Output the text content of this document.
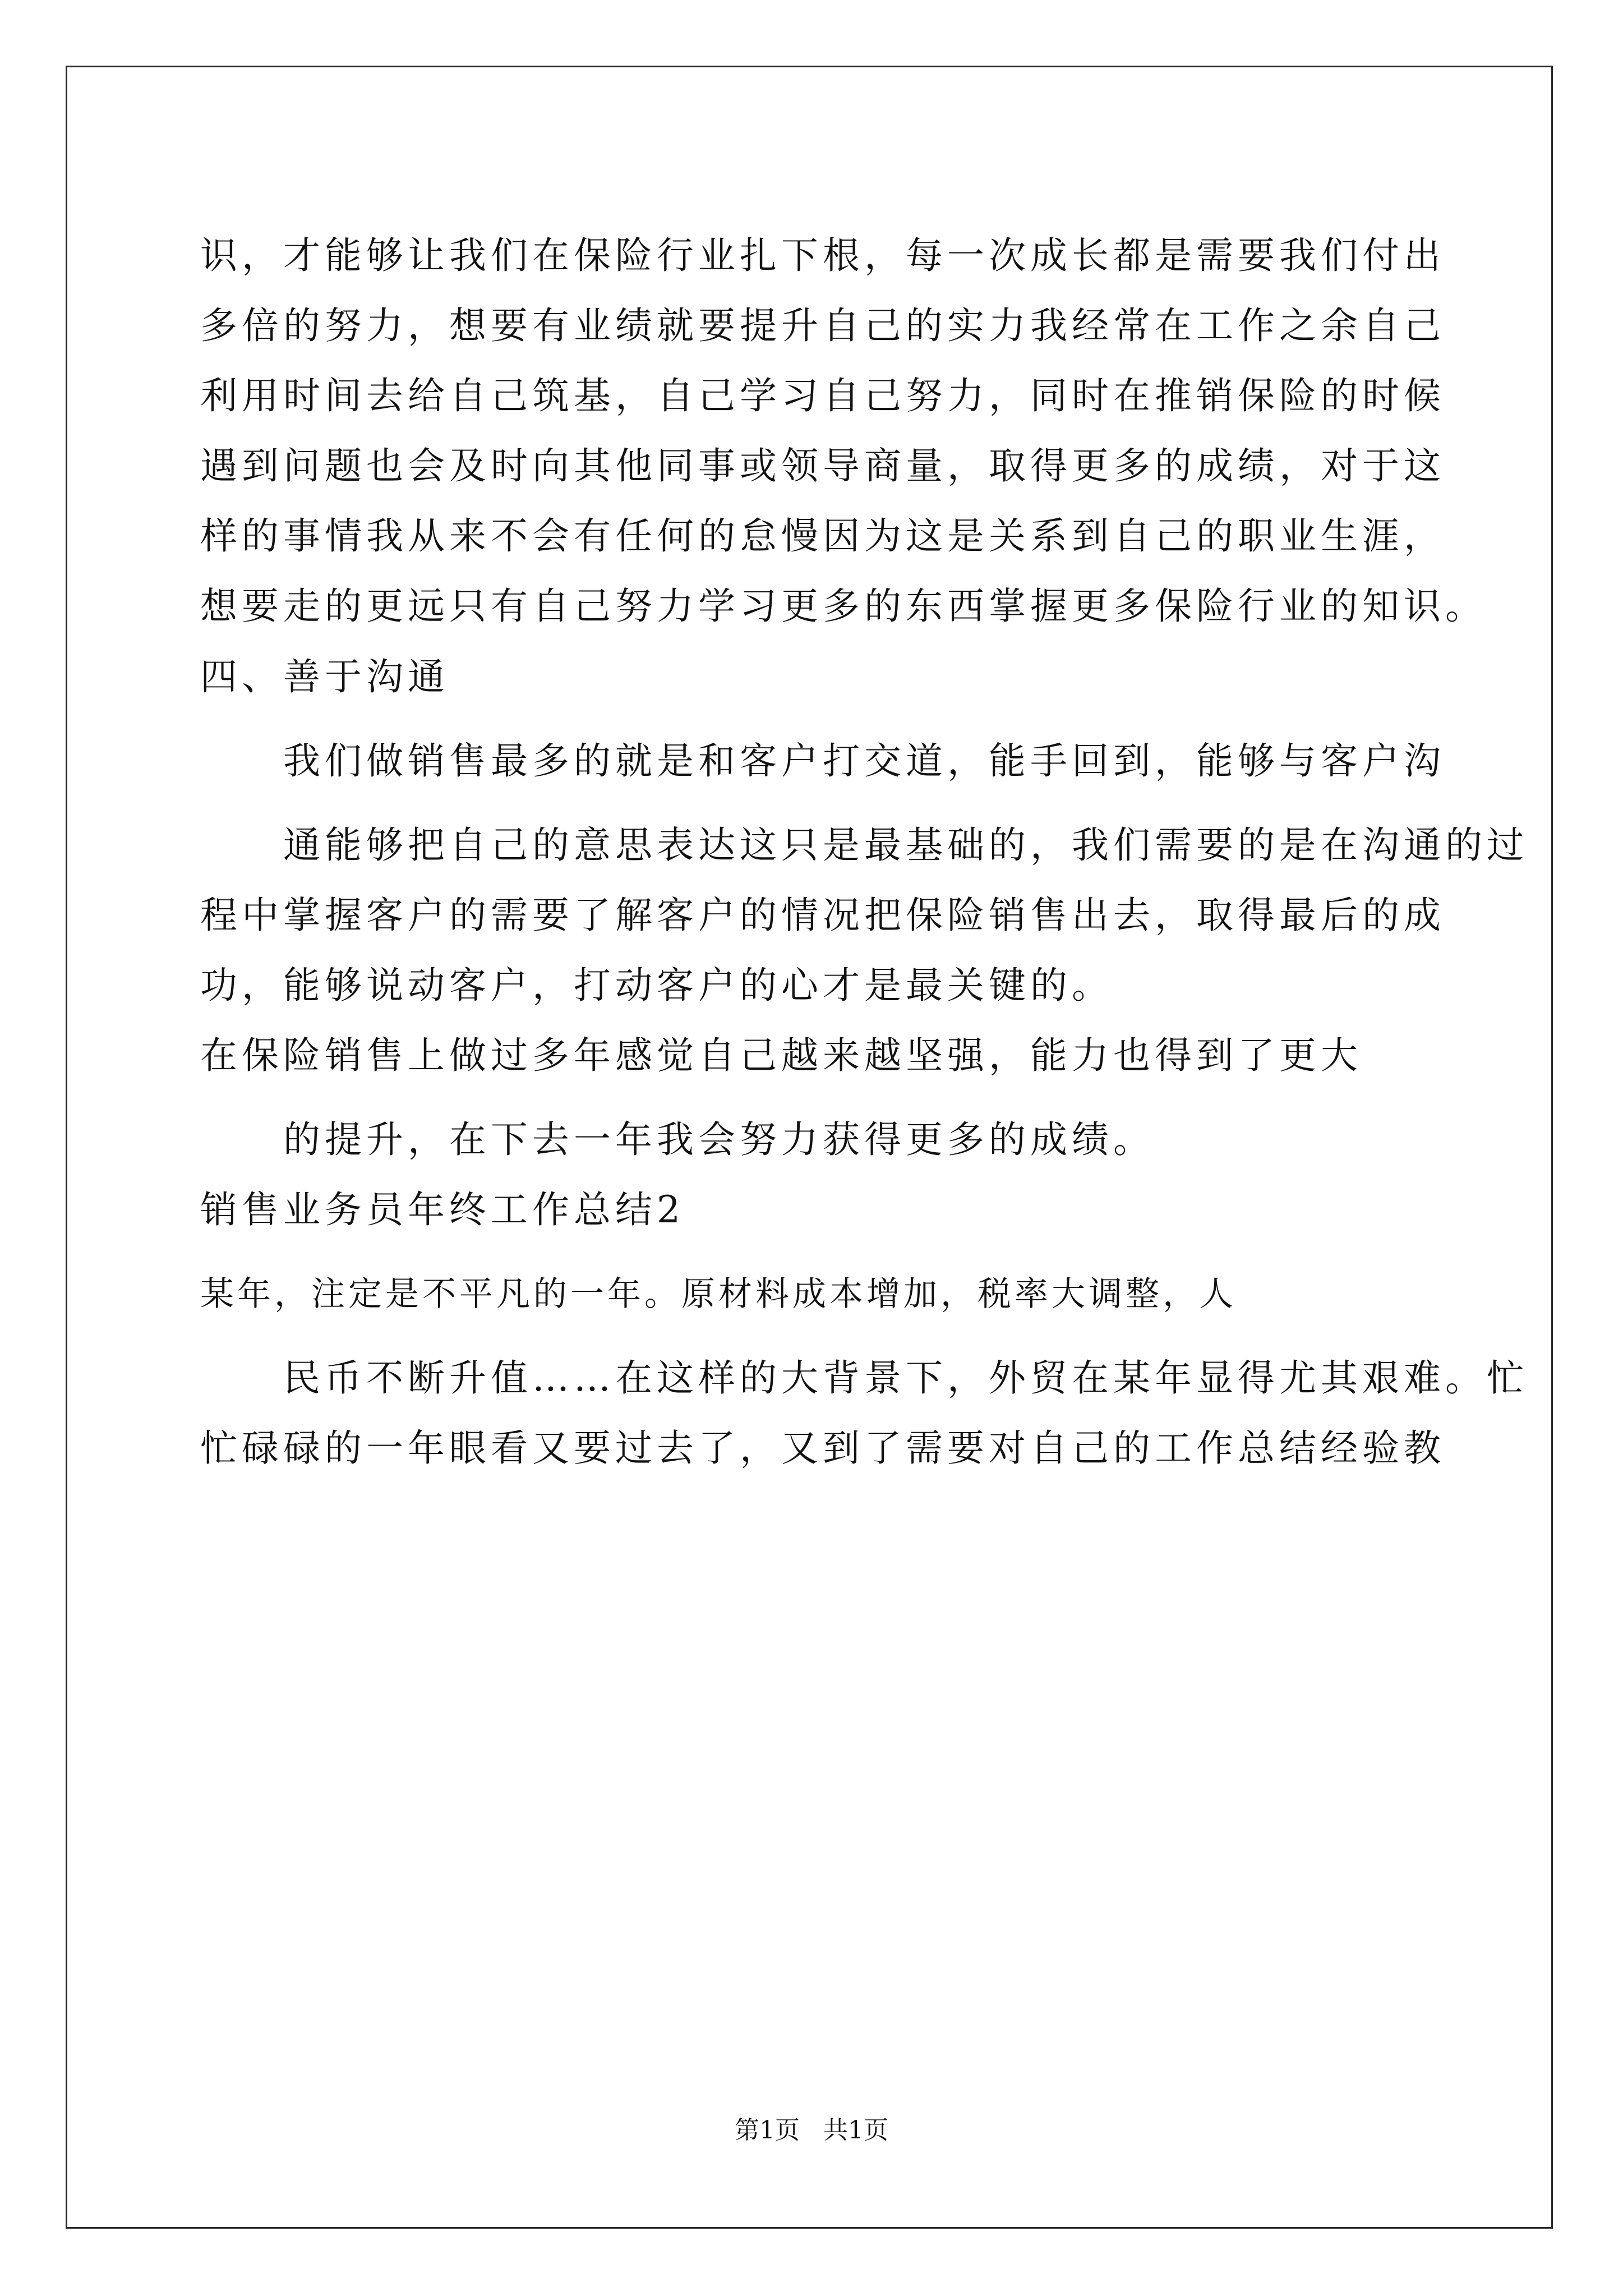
识，才能够让我们在保险行业扎下根，每一次成长都是需要我们付出
多倍的努力，想要有业绩就要提升自己的实力我经常在工作之余自己
利用时间去给自己筑基，自己学习自己努力，同时在推销保险的时候
遇到问题也会及时向其他同事或领导商量，取得更多的成绩，对于这
样的事情我从来不会有任何的怠慢因为这是关系到自己的职业生涯，
想要走的更远只有自己努力学习更多的东西掌握更多保险行业的知识。
四、善于沟通
我们做销售最多的就是和客户打交道，能手回到，能够与客户沟
通能够把自己的意思表达这只是最基础的，我们需要的是在沟通的过
程中掌握客户的需要了解客户的情况把保险销售出去，取得最后的成
功，能够说动客户，打动客户的心才是最关键的。
在保险销售上做过多年感觉自己越来越坚强，能力也得到了更大
的提升，在下去一年我会努力获得更多的成绩。
销售业务员年终工作总结2
某年，注定是不平凡的一年。原材料成本增加，税率大调整，人
民币不断升值……在这样的大背景下，外贸在某年显得尤其艰难。忙
忙碌碌的一年眼看又要过去了，又到了需要对自己的工作总结经验教
第1页 共1页
